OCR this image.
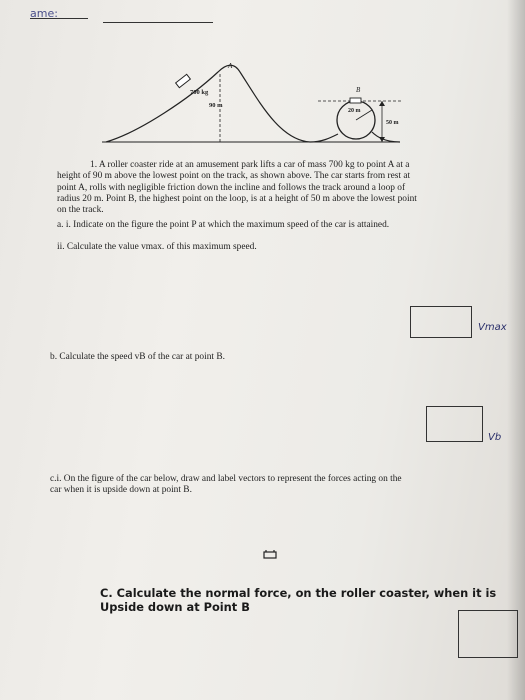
ame:
700 kg
90 m
A
B
20 m
50 m

1. A roller coaster ride at an amusement park lifts a car of mass 700 kg to point A at a

height of 90 m above the lowest point on the track, as shown above. The car starts from rest at

point A, rolls with negligible friction down the incline and follows the track around a loop of

radius 20 m. Point B, the highest point on the loop, is at a height of 50 m above the lowest point

on the track.

a. i. Indicate on the figure the point P at which the maximum speed of the car is attained.
ii. Calculate the value vmax. of this maximum speed.
Vmax
b. Calculate the speed vB of the car at point B.
Vb
c.i. On the figure of the car below, draw and label vectors to represent the forces acting on the
car when it is upside down at point B.
C. Calculate the normal force, on the roller coaster, when it is
Upside down at Point B
